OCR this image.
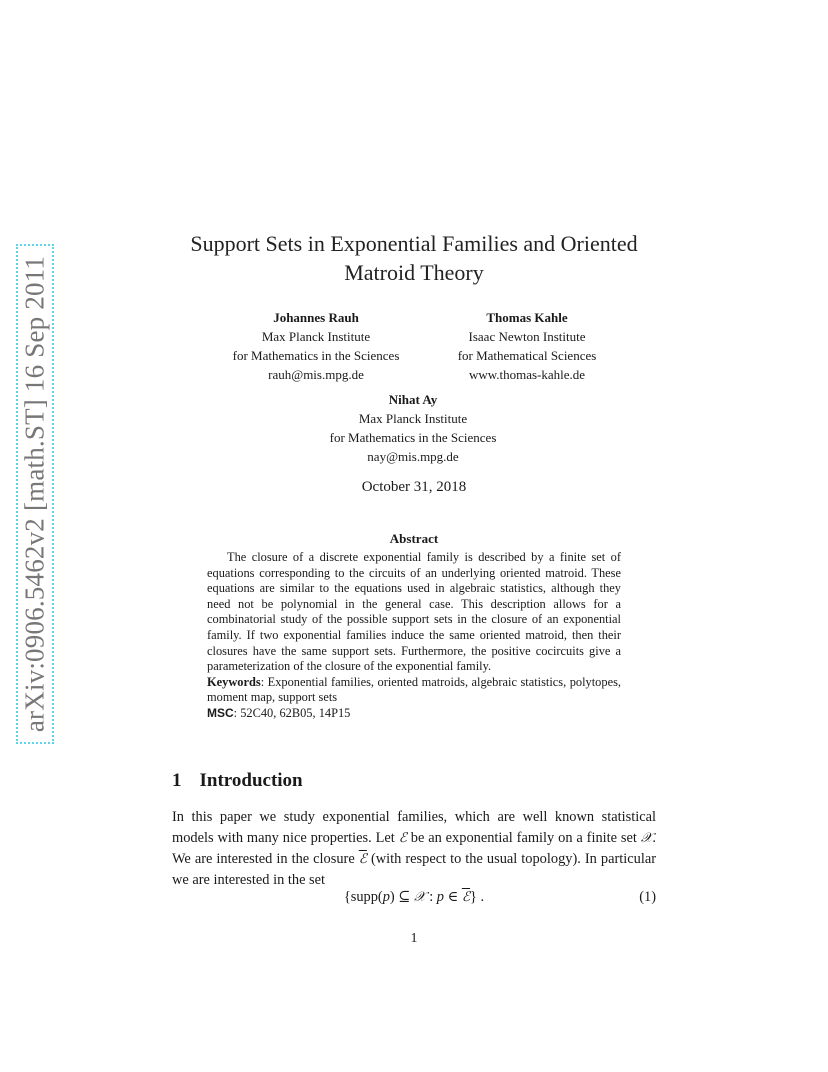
arXiv:0906.5462v2 [math.ST] 16 Sep 2011
Support Sets in Exponential Families and Oriented
Matroid Theory
Johannes Rauh
Max Planck Institute
for Mathematics in the Sciences
rauh@mis.mpg.de
Thomas Kahle
Isaac Newton Institute
for Mathematical Sciences
www.thomas-kahle.de
Nihat Ay
Max Planck Institute
for Mathematics in the Sciences
nay@mis.mpg.de
October 31, 2018
Abstract

The closure of a discrete exponential family is described by a finite set of equations corresponding to the circuits of an underlying oriented matroid. These equations are similar to the equations used in algebraic statistics, although they need not be polynomial in the general case. This description allows for a combinatorial study of the possible support sets in the closure of an exponential family. If two exponential families induce the same oriented matroid, then their closures have the same support sets. Furthermore, the positive cocircuits give a parameterization of the closure of the exponential family.

Keywords: Exponential families, oriented matroids, algebraic statistics, polytopes, moment map, support sets

MSC: 52C40, 62B05, 14P15

1 Introduction

In this paper we study exponential families, which are well known statistical models with many nice properties. Let ℰ be an exponential family on a finite set 𝒳. We are interested in the closure ℰ (with respect to the usual topology). In particular we are interested in the set

{supp(p) ⊆ 𝒳 : p ∈ ℰ} .	(1)
1
